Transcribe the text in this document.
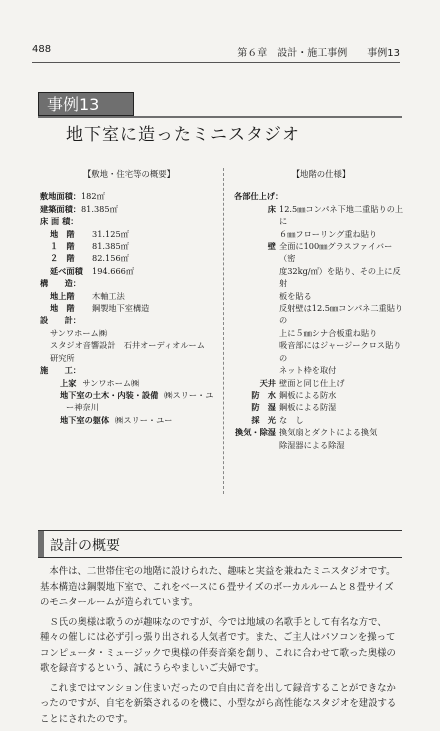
488	第６章　設計・施工事例　　事例13
事例13
地下室に造ったミニスタジオ
【敷地・住宅等の概要】
敷地面積： 182㎡
建築面積： 81.385㎡
床 面 積：
地　階	31.125㎡
１　階	81.385㎡
２　階	82.156㎡
延べ面積	194.666㎡
構　　造：
地上階	木軸工法
地　階	鋼製地下室構造
設　　計：
サンワホーム㈱
スタジオ音響設計　石井オーディオルーム
研究所
施　　工：
上家 サンワホーム㈱
地下室の土木・内装・設備 ㈱スリー・ユ
ー神奈川
地下室の躯体 ㈱スリー・ユー
【地階の仕様】
各部仕上げ：
床 12.5㎜コンパネ下地二重貼りの上に
６㎜フローリング重ね貼り
壁 全面に100㎜グラスファイバー（密
度32kg/㎥）を貼り、その上に反射
板を貼る
反射壁は12.5㎜コンパネ二重貼りの
上に５㎜シナ合板重ね貼り
吸音部にはジャージークロス貼りの
ネット枠を取付
天井 壁面と同じ仕上げ
防　水 鋼板による防水
防　湿 鋼板による防湿
採　光 な　し
換気・除湿 換気扇とダクトによる換気
除湿器による除湿
設計の概要

本件は、二世帯住宅の地階に設けられた、趣味と実益を兼ねたミニスタジオです。基本構造は鋼製地下室で、これをベースに６畳サイズのボーカルルームと８畳サイズのモニタールームが造られています。

Ｓ氏の奥様は歌うのが趣味なのですが、今では地域の名歌手として有名な方で、種々の催しには必ず引っ張り出される人気者です。また、ご主人はパソコンを操ってコンピュータ・ミュージックで奥様の伴奏音楽を創り、これに合わせて歌った奥様の歌を録音するという、誠にうらやましいご夫婦です。

これまではマンション住まいだったので自由に音を出して録音することができなかったのですが、自宅を新築されるのを機に、小型ながら高性能なスタジオを建設することにされたのです。
